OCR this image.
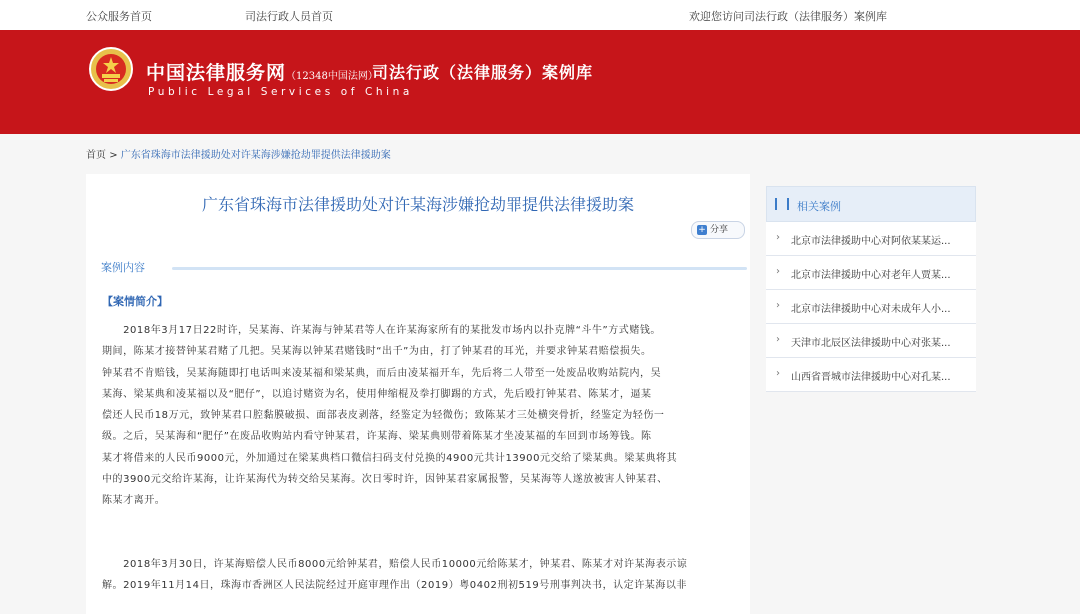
公众服务首页	司法行政人员首页	欢迎您访问司法行政（法律服务）案例库
中国法律服务网（12348中国法网）
Public Legal Services of China
司法行政（法律服务）案例库
首页 > 广东省珠海市法律援助处对许某海涉嫌抢劫罪提供法律援助案
广东省珠海市法律援助处对许某海涉嫌抢劫罪提供法律援助案
+ 分享
案例内容
【案情简介】
　　2018年3月17日22时许，吴某海、许某海与钟某君等人在许某海家所有的某批发市场内以扑克牌“斗牛”方式赌钱。
期间，陈某才接替钟某君赌了几把。吴某海以钟某君赌钱时“出千”为由，打了钟某君的耳光，并要求钟某君赔偿损失。
钟某君不肯赔钱，吴某海随即打电话叫来凌某福和梁某典，而后由凌某福开车，先后将二人带至一处废品收购站院内，吴
某海、梁某典和凌某福以及“肥仔”，以追讨赌资为名，使用伸缩棍及拳打脚踢的方式，先后殴打钟某君、陈某才，逼某
偿还人民币18万元，致钟某君口腔黏膜破损、面部表皮剥落，经鉴定为轻微伤；致陈某才三处横突骨折，经鉴定为轻伤一
级。之后，吴某海和“肥仔”在废品收购站内看守钟某君，许某海、梁某典则带着陈某才坐凌某福的车回到市场筹钱。陈
某才将借来的人民币9000元，外加通过在梁某典档口微信扫码支付兑换的4900元共计13900元交给了梁某典。梁某典将其
中的3900元交给许某海，让许某海代为转交给吴某海。次日零时许，因钟某君家属报警，吴某海等人遂放被害人钟某君、
陈某才离开。
　　2018年3月30日，许某海赔偿人民币8000元给钟某君，赔偿人民币10000元给陈某才，钟某君、陈某才对许某海表示谅
解。2019年11月14日，珠海市香洲区人民法院经过开庭审理作出（2019）粤0402刑初519号刑事判决书，认定许某海以非
相关案例
› 北京市法律援助中心对阿依某某运...
› 北京市法律援助中心对老年人贾某...
› 北京市法律援助中心对未成年人小...
› 天津市北辰区法律援助中心对张某...
› 山西省晋城市法律援助中心对孔某...
